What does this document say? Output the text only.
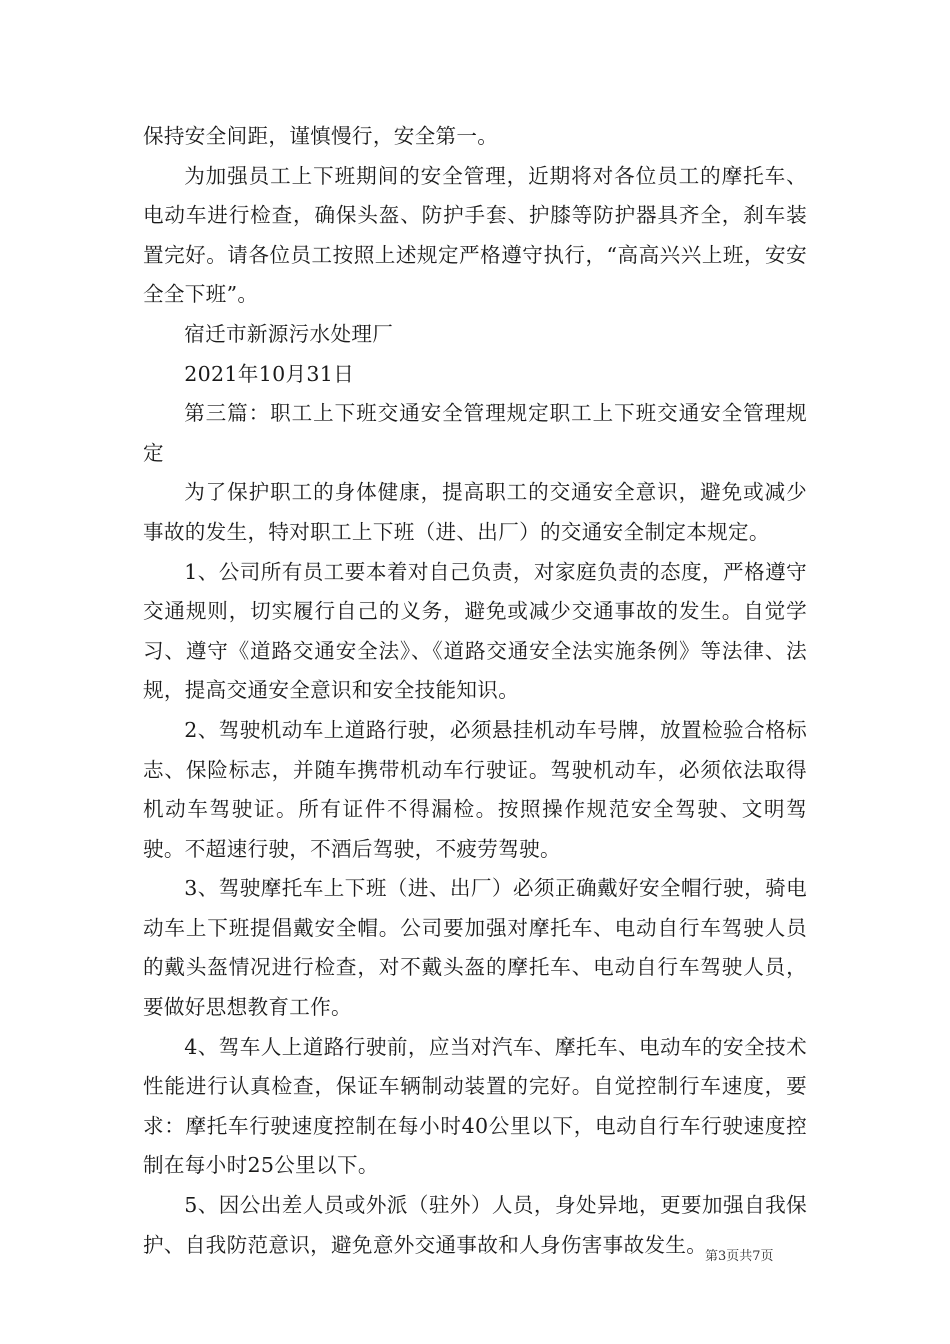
保持安全间距，谨慎慢行，安全第一。

为加强员工上下班期间的安全管理，近期将对各位员工的摩托车、电动车进行检查，确保头盔、防护手套、护膝等防护器具齐全，刹车装置完好。请各位员工按照上述规定严格遵守执行，“高高兴兴上班，安安全全下班”。

宿迁市新源污水处理厂

2021年10月31日

第三篇：职工上下班交通安全管理规定职工上下班交通安全管理规定

为了保护职工的身体健康，提高职工的交通安全意识，避免或减少事故的发生，特对职工上下班（进、出厂）的交通安全制定本规定。

1、公司所有员工要本着对自己负责，对家庭负责的态度，严格遵守交通规则，切实履行自己的义务，避免或减少交通事故的发生。自觉学习、遵守《道路交通安全法》、《道路交通安全法实施条例》等法律、法规，提高交通安全意识和安全技能知识。

2、驾驶机动车上道路行驶，必须悬挂机动车号牌，放置检验合格标志、保险标志，并随车携带机动车行驶证。驾驶机动车，必须依法取得机动车驾驶证。所有证件不得漏检。按照操作规范安全驾驶、文明驾驶。不超速行驶，不酒后驾驶，不疲劳驾驶。

3、驾驶摩托车上下班（进、出厂）必须正确戴好安全帽行驶，骑电动车上下班提倡戴安全帽。公司要加强对摩托车、电动自行车驾驶人员的戴头盔情况进行检查，对不戴头盔的摩托车、电动自行车驾驶人员，要做好思想教育工作。

4、驾车人上道路行驶前，应当对汽车、摩托车、电动车的安全技术性能进行认真检查，保证车辆制动装置的完好。自觉控制行车速度，要求：摩托车行驶速度控制在每小时40公里以下，电动自行车行驶速度控制在每小时25公里以下。

5、因公出差人员或外派（驻外）人员，身处异地，更要加强自我保护、自我防范意识，避免意外交通事故和人身伤害事故发生。

第3页共7页
